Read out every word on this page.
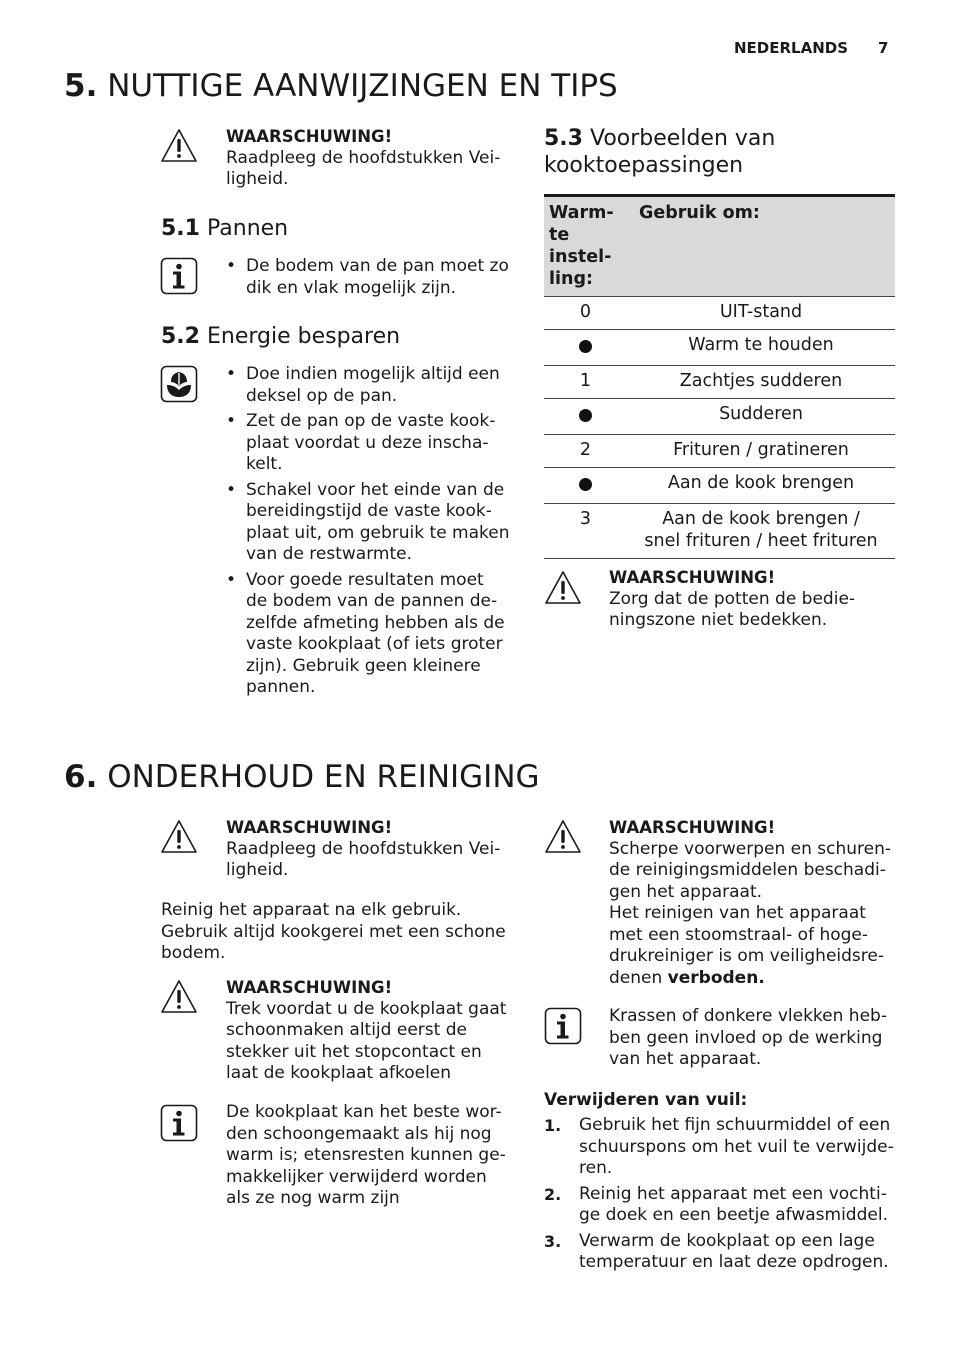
NEDERLANDS 7
5. NUTTIGE AANWIJZINGEN EN TIPS
WAARSCHUWING!
Raadpleeg de hoofdstukken Vei-
ligheid.
5.1 Pannen
• De bodem van de pan moet zo
dik en vlak mogelijk zijn.
5.2 Energie besparen
• Doe indien mogelijk altijd een
deksel op de pan.
• Zet de pan op de vaste kook-
plaat voordat u deze inscha-
kelt.
• Schakel voor het einde van de
bereidingstijd de vaste kook-
plaat uit, om gebruik te maken
van de restwarmte.
• Voor goede resultaten moet
de bodem van de pannen de-
zelfde afmeting hebben als de
vaste kookplaat (of iets groter
zijn). Gebruik geen kleinere
pannen.
5.3 Voorbeelden van
kooktoepassingen
Warm-
te
instel-
ling:	Gebruik om:
0	UIT-stand

	Warm te houden

1	Zachtjes sudderen

	Sudderen

2	Frituren / gratineren

	Aan de kook brengen

3	Aan de kook brengen /
snel frituren / heet frituren
WAARSCHUWING!
Zorg dat de potten de bedie-
ningszone niet bedekken.
6. ONDERHOUD EN REINIGING
WAARSCHUWING!
Raadpleeg de hoofdstukken Vei-
ligheid.
Reinig het apparaat na elk gebruik.
Gebruik altijd kookgerei met een schone
bodem.
WAARSCHUWING!
Trek voordat u de kookplaat gaat
schoonmaken altijd eerst de
stekker uit het stopcontact en
laat de kookplaat afkoelen
De kookplaat kan het beste wor-
den schoongemaakt als hij nog
warm is; etensresten kunnen ge-
makkelijker verwijderd worden
als ze nog warm zijn
WAARSCHUWING!
Scherpe voorwerpen en schuren-
de reinigingsmiddelen beschadi-
gen het apparaat.
Het reinigen van het apparaat
met een stoomstraal- of hoge-
drukreiniger is om veiligheidsre-
denen verboden.
Krassen of donkere vlekken heb-
ben geen invloed op de werking
van het apparaat.
Verwijderen van vuil:
1. Gebruik het fijn schuurmiddel of een
schuurspons om het vuil te verwijde-
ren.
2. Reinig het apparaat met een vochti-
ge doek en een beetje afwasmiddel.
3. Verwarm de kookplaat op een lage
temperatuur en laat deze opdrogen.
